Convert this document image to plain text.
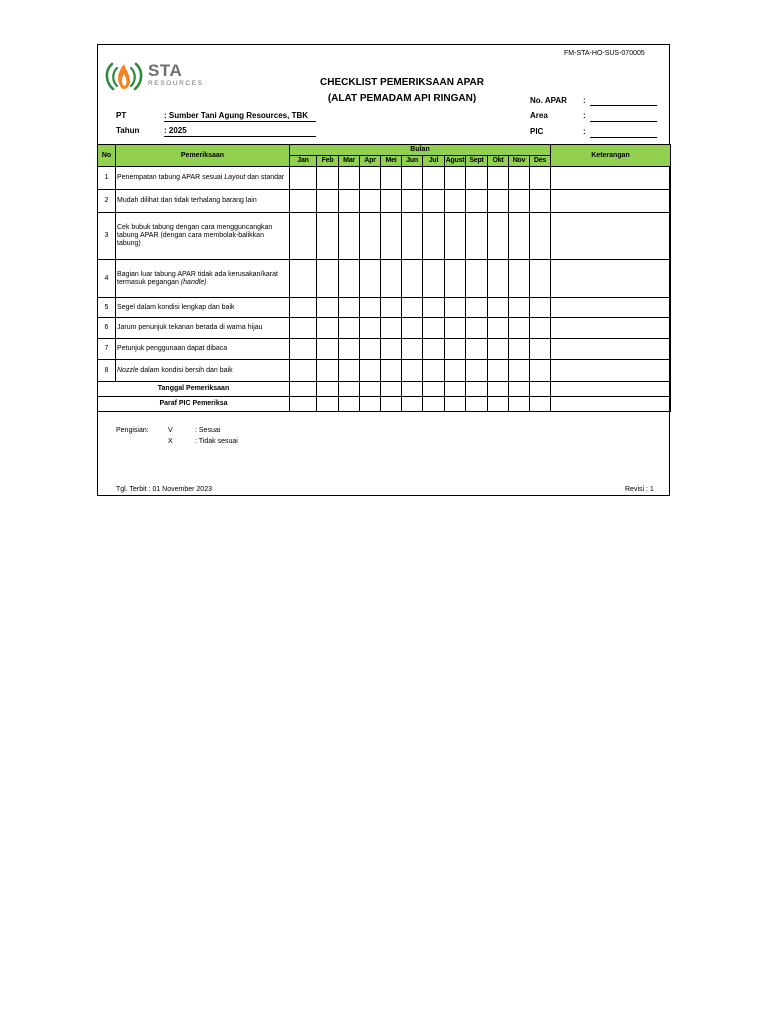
FM-STA-HO-SUS-070005
STA
RESOURCES	CHECKLIST PEMERIKSAAN APAR
(ALAT PEMADAM API RINGAN)
PT	: Sumber Tani Agung Resources, TBK
Tahun	: 2025
No. APAR :
Area	:
PIC	:
No	Pemeriksaan	Bulan												Keterangan
		Jan	Feb	Mar	Apr	Mei	Jun	Jul	Agust	Sept	Okt	Nov	Des	
1	Penempatan tabung APAR sesuai Layout dan standar													
2	Mudah dilihat dan tidak terhalang barang lain													
3	Cek bubuk tabung dengan cara mengguncangkan tabung APAR (dengan cara membolak-balikkan tabung)													
4	Bagian luar tabung APAR tidak ada kerusakan/karat termasuk pegangan (handle)													
5	Segel dalam kondisi lengkap dan baik													
6	Jarum penunjuk tekanan berada di warna hijau													
7	Petunjuk penggunaan dapat dibaca													
8	Nozzle dalam kondisi bersih dan baik													
Tanggal Pemeriksaan														
Paraf PIC Pemeriksa														
Pengisian:	V	: Sesuai
X	: Tidak sesuai
Tgl. Terbit : 01 November 2023	Revisi : 1
